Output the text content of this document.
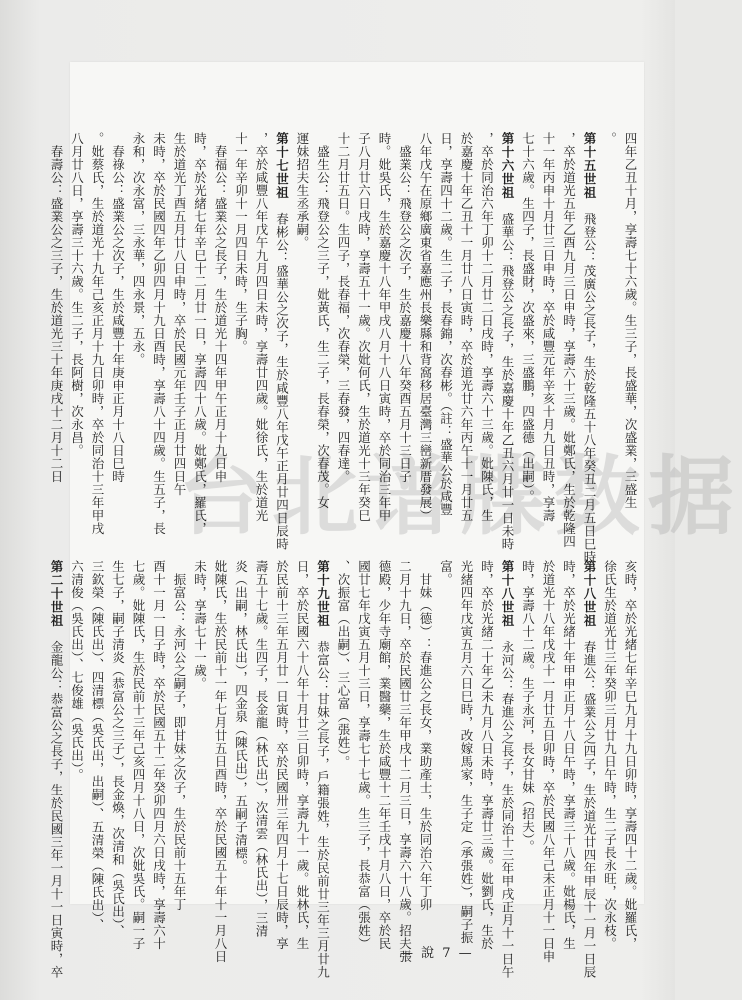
台北谱牒数据
四年乙丑十月，享壽七十六歲。生三子，長盛華，次盛業，三盛生
。
第十五世祖　飛登公：茂廣公之長子，生於乾隆五十八年癸丑二月五日巳時
，卒於道光五年乙酉九月三日申時，享壽六十三歲。妣鄭氏，生於乾隆四
十一年丙申十月廿三日申時，卒於咸豐元年辛亥十月九日丑時，享壽
七十六歲。生四子，長盛財，次盛來，三盛鵬，四盛德（出嗣）。
第十六世祖　盛華公：飛登公之長子，生於嘉慶十年乙丑六月廿一日未時
，卒於同治六年丁卯十二月廿二日戌時，享壽六十三歲。妣陳氏，生
於嘉慶十年乙丑十一月廿八日寅時，卒於道光廿六年丙午十一月廿五
日，享壽四十二歲。生二子，長春錦，次春彬。（註：盛華公於咸豐
八年戊午在原鄉廣東省嘉應州長樂縣和背窩移居臺灣三巒新厝發展）
　盛業公：飛登公之次子，生於嘉慶十八年癸酉五月十三日子
時。妣吳氏，生於嘉慶十八年甲戌八月十八日寅時，卒於同治三年甲
子八月廿六日戌時，享壽五十一歲。次妣何氏，生於道光十三年癸巳
十二月廿五日。生四子，長春福，次春榮，三春發，四春達。
　盛生公：飛登公之三子，妣黃氏，生二子，長春榮，次春茂。女
運妹招夫生丞承嗣。
第十七世祖　春彬公：盛華公之次子，生於咸豐八年戊午正月廿四日辰時
，卒於咸豐八年戊午九月四日未時，享壽廿四歲。妣徐氏，生於道光
十一年辛卯十一月四日未時，生子胸。
　春福公：盛業公之長子，生於道光十四年甲午正月十九日申
時，卒於光緒七年辛巳十二月廿一日，享壽四十八歲。妣鄭氏，羅氏，
生於道光丁酉五月廿八日申時，卒於民國元年壬子正月廿四日午
未時，卒於民國四年乙卯四月十九日酉時，享壽八十四歲。生五子，長
永和，次永富，三永華，四永景，五永。
　春祿公：盛業公之次子，生於咸豐十年庚申正月十八日巳時
。妣蔡氏，生於道光十九年己亥正月十九日卯時，卒於同治十三年甲戌
八月廿八日，享壽三十六歲。生二子，長阿樹，次永昌。
　春壽公：盛業公之三子，生於道光三十年庚戌十二月十二日
亥時，卒於光緒七年辛巳九月十九日卯時，享壽四十二歲。妣羅氏，
徐氏生於道光廿三年癸卯三月廿九日午時，生二子長永旺，次永枝。
第十八世祖　春進公：盛業公之四子，生於道光廿四年甲辰十一月一日辰
時，卒於光緒十年甲申正月十八日午時，享壽三十八歲。妣楊氏，生
於道光十八年戊戌十一月廿五日卯時，卒於民國八年己未正月十一日申
時，享壽八十二歲。生子永河，長女甘妹（招夫）。
第十八世祖　永河公：春進公之長子，生於同治十三年甲戌正月十一日午
時，卒於光緒二十年乙未九月八日未時，享壽廿三歲。妣劉氏，生於
光緒四年戊寅五月六日巳時，改嫁馬家，生子定（承張姓），嗣子振
富。
　甘妹（德）：春進公之長女，業助產士，生於同治六年丁卯
二月十九日，卒於民國廿三年甲戌十二月三日，享壽六十八歲。招夫張
德殿，少年寺廟館，業醫藥，生於咸豐十二年壬戌十月八日，卒於民
國廿七年戊寅五月十三日，享壽七十七歲。生三子，長恭富（張姓）
、次振富（出嗣）、三心富（張姓）。
第十九世祖　恭富公：甘妹之長子，戶籍張姓，生於民前廿三年三月廿九
日，卒於民國六十八年十月廿三日卯時，享壽九十一歲。妣林氏，生
於民前十三年五月廿一日寅時，卒於民國卅三年四月十七日辰時，享
壽五十七歲。生四子，長金龍（林氏出），次清雲（林氏出），三清
炎（出嗣，林氏出），四金泉（陳氏出），五嗣子清標。
妣陳氏，生於民前十一年七月廿五日酉時，卒於民國五十年十一月八日
未時，享壽七十一歲。
　振富公：永河公之嗣子，即甘妹之次子，生於民前十五年丁
酉十一月一日子時，卒於民國五十二年癸卯四月六日戌時，享壽六十
七歲。妣陳氏，生於民前十三年己亥四月十八日，次妣吳氏。嗣一子
生七子，嗣子清炎（恭富公之三子），長金煥，次清和（吳氏出）、
三欽榮（陳氏出）、四清標（吳氏出，出嗣）、五清榮（陳氏出）、
六清俊（吳氏出）、七俊雄（吳氏出）。
第二十世祖　金龍公：恭富公之長子，生於民國三年一月十一日寅時，卒	— 說 7 —
